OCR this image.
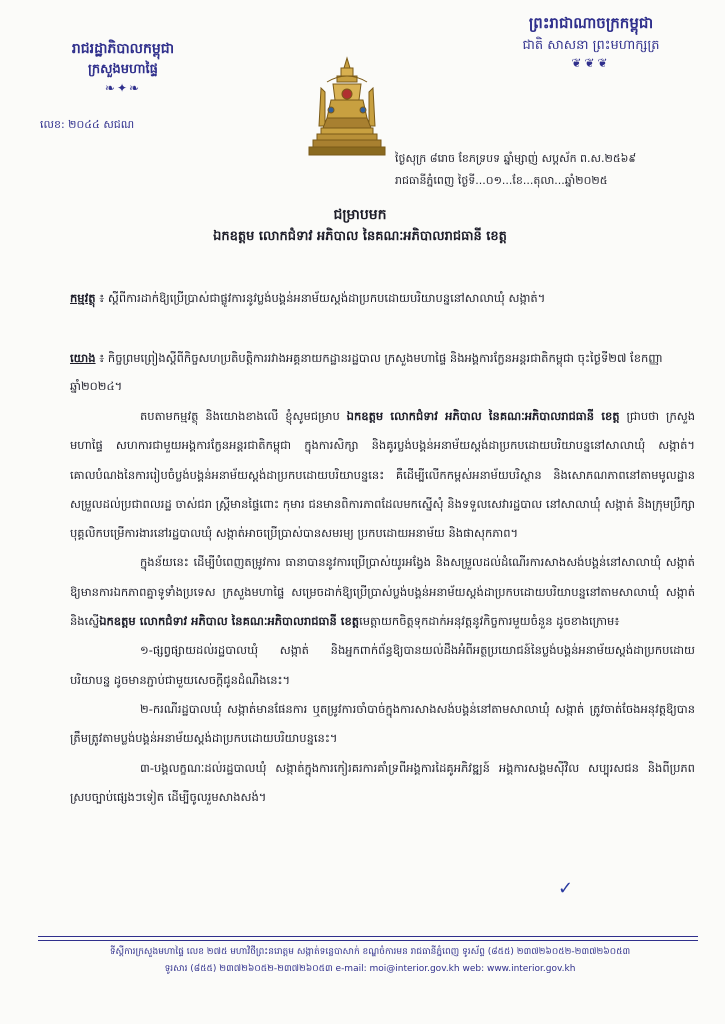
រាជរដ្ឋាភិបាលកម្ពុជា
ក្រសួងមហាផ្ទៃ
❧✦❧
លេខ: ២០៤៤ សជណ
ព្រះរាជាណាចក្រកម្ពុជា
ជាតិ សាសនា ព្រះមហាក្សត្រ
❦❦❦
ថ្ងៃសុក្រ ៨រោច ខែភទ្របទ ឆ្នាំម្សាញ់ សប្តស័ក ព.ស.២៥៦៩
រាជធានីភ្នំពេញ ថ្ងៃទី...០១...ខែ...តុលា...ឆ្នាំ២០២៥
ជម្រាបមក
ឯកឧត្តម លោកជំទាវ អភិបាល នៃគណៈអភិបាលរាជធានី ខេត្ត
កម្មវត្ថុ ៖ ស្តីពីការដាក់ឱ្យប្រើប្រាស់ជាផ្លូវការនូវប្លង់បង្គន់អនាម័យស្តង់ដាប្រកបដោយបរិយាបន្ននៅសាលាឃុំ សង្កាត់។
យោង ៖ កិច្ចព្រមព្រៀងស្តីពីកិច្ចសហប្រតិបត្តិការរវាងអគ្គនាយកដ្ឋានរដ្ឋបាល ក្រសួងមហាផ្ទៃ និងអង្គការក្លែនអន្តរជាតិកម្ពុជា ចុះថ្ងៃទី២៧ ខែកញ្ញា ឆ្នាំ២០២៤។

តបតាមកម្មវត្ថុ និងយោងខាងលើ ខ្ញុំសូមជម្រាប ឯកឧត្តម លោកជំទាវ អភិបាល នៃគណៈអភិបាលរាជធានី ខេត្ត ជ្រាបថា ក្រសួងមហាផ្ទៃ សហការជាមួយអង្គការក្លែនអន្តរជាតិកម្ពុជា ក្នុងការសិក្សា និងគូរប្លង់បង្គន់អនាម័យស្តង់ដាប្រកបដោយបរិយាបន្ននៅសាលាឃុំ សង្កាត់។ គោលបំណងនៃការរៀបចំប្លង់បង្គន់អនាម័យស្តង់ដាប្រកបដោយបរិយាបន្ននេះ គឺដើម្បីលើកកម្ពស់អនាម័យបរិស្ថាន និងសោភណភាពនៅតាមមូលដ្ឋាន សម្រួលដល់ប្រជាពលរដ្ឋ ចាស់ជរា ស្ត្រីមានផ្ទៃពោះ កុមារ ជនមានពិការភាពដែលមកស្នើសុំ និងទទួលសេវារដ្ឋបាល នៅសាលាឃុំ សង្កាត់ និងក្រុមប្រឹក្សា បុគ្គលិកបម្រើការងារនៅរដ្ឋបាលឃុំ សង្កាត់អាចប្រើប្រាស់បានសមរម្យ ប្រកបដោយអនាម័យ និងផាសុកភាព។

ក្នុងន័យនេះ ដើម្បីបំពេញតម្រូវការ ធានាបាននូវការប្រើប្រាស់យូរអង្វែង និងសម្រួលដល់ដំណើរការសាងសង់បង្គន់នៅសាលាឃុំ សង្កាត់ឱ្យមានការឯកភាពគ្នាទូទាំងប្រទេស ក្រសួងមហាផ្ទៃ សម្រេចដាក់ឱ្យប្រើប្រាស់ប្លង់បង្គន់អនាម័យស្តង់ដាប្រកបដោយបរិយាបន្ននៅតាមសាលាឃុំ សង្កាត់ និងស្នើឯកឧត្តម លោកជំទាវ អភិបាល នៃគណៈអភិបាលរាជធានី ខេត្តមេត្តាយកចិត្តទុកដាក់អនុវត្តនូវកិច្ចការមួយចំនួន ដូចខាងក្រោម៖

១-ផ្សព្វផ្សាយដល់រដ្ឋបាលឃុំ សង្កាត់ និងអ្នកពាក់ព័ន្ធឱ្យបានយល់ដឹងអំពីអត្ថប្រយោជន៍នៃប្លង់បង្គន់អនាម័យស្តង់ដាប្រកបដោយបរិយាបន្ន ដូចមានភ្ជាប់ជាមួយសេចក្តីជូនដំណឹងនេះ។

២-ករណីរដ្ឋបាលឃុំ សង្កាត់មានផែនការ ឬតម្រូវការចាំបាច់ក្នុងការសាងសង់បង្គន់នៅតាមសាលាឃុំ សង្កាត់ ត្រូវចាត់ចែងអនុវត្តឱ្យបានត្រឹមត្រូវតាមប្លង់បង្គន់អនាម័យស្តង់ដាប្រកបដោយបរិយាបន្ននេះ។

៣-បង្គលក្ខណៈដល់រដ្ឋបាលឃុំ សង្កាត់ក្នុងការកៀរគរការគាំទ្រពីអង្គការដៃគូអភិវឌ្ឍន៍ អង្គការសង្គមស៊ីវិល សប្បុរសជន និងពីប្រភពស្របច្បាប់ផ្សេងៗទៀត ដើម្បីចូលរួមសាងសង់។

✓
ទីស្តីការក្រសួងមហាផ្ទៃ លេខ ២៧៥ មហាវិថីព្រះនរោត្តម សង្កាត់ទន្លេបាសាក់ ខណ្ឌចំការមន រាជធានីភ្នំពេញ ទូរស័ព្ទ (៨៥៥) ២៣៧២៦០៥២-២៣៧២៦០៥៣
ទូរសារ (៨៥៥) ២៣៧២៦០៥២-២៣៧២៦០៥៣ e-mail: moi@interior.gov.kh web: www.interior.gov.kh
